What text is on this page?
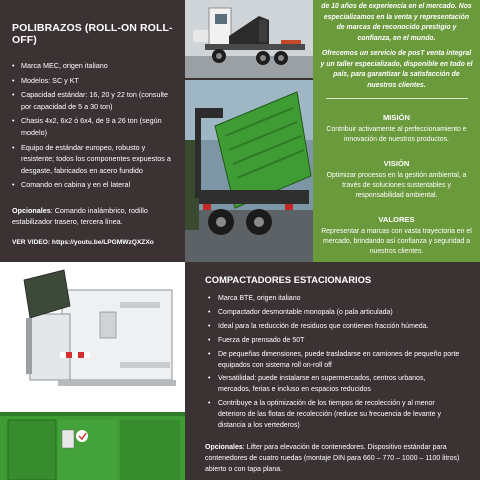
POLIBRAZOS (ROLL-ON ROLL-OFF)
• Marca MEC, origen italiano
• Modelos: SC y KT
• Capacidad estándar: 16, 20 y 22 ton (consulte por capacidad de 5 a 30 ton)
• Chasis 4x2, 6x2 ó 6x4, de 9 a 26 ton (según modelo)
• Equipo de estándar europeo, robusto y resistente; todos los componentes expuestos a desgaste, fabricados en acero fundido
• Comando en cabina y en el lateral

Opcionales: Comando inalámbrico, rodillo estabilizador trasero, tercera línea.

VER VIDEO: https://youtu.be/LPGMWzQXZXo

de 10 años de experiencia en el mercado. Nos especializamos en la venta y representación de marcas de reconocido prestigio y confianza, en el mundo.

Ofrecemos un servicio de posT venta integral y un taller especializado, disponible en todo el país, para garantizar la satisfacción de nuestros clientes.

MISIÓN

Contribuir activamente al perfeccionamiento e innovación de nuestros productos.

VISIÓN

Optimizar procesos en la gestión ambiental, a través de soluciones sustentables y responsabilidad ambiental.

VALORES

Representar a marcas con vasta trayectoria en el mercado, brindando así confianza y seguridad a nuestros clientes.

COMPACTADORES ESTACIONARIOS
• Marca BTE, origen italiano
• Compactador desmontable monopala (o pala articulada)
• Ideal para la reducción de residuos que contienen fracción húmeda.
• Fuerza de prensado de 50T
• De pequeñas dimensiones, puede trasladarse en camiones de pequeño porte equipados con sistema roll on-roll off
• Versatilidad: puede instalarse en supermercados, centros urbanos, mercados, ferias e incluso en espacios reducidos
• Contribuye a la optimización de los tiempos de recolección y al menor deterioro de las flotas de recolección (reduce su frecuencia de levante y distancia a los vertederos)

Opcionales: Lifter para elevación de contenedores. Dispositivo estándar para contenedores de cuatro ruedas (montaje DIN para 660 – 770 – 1000 – 1100 litros) abierto o con tapa plana.
